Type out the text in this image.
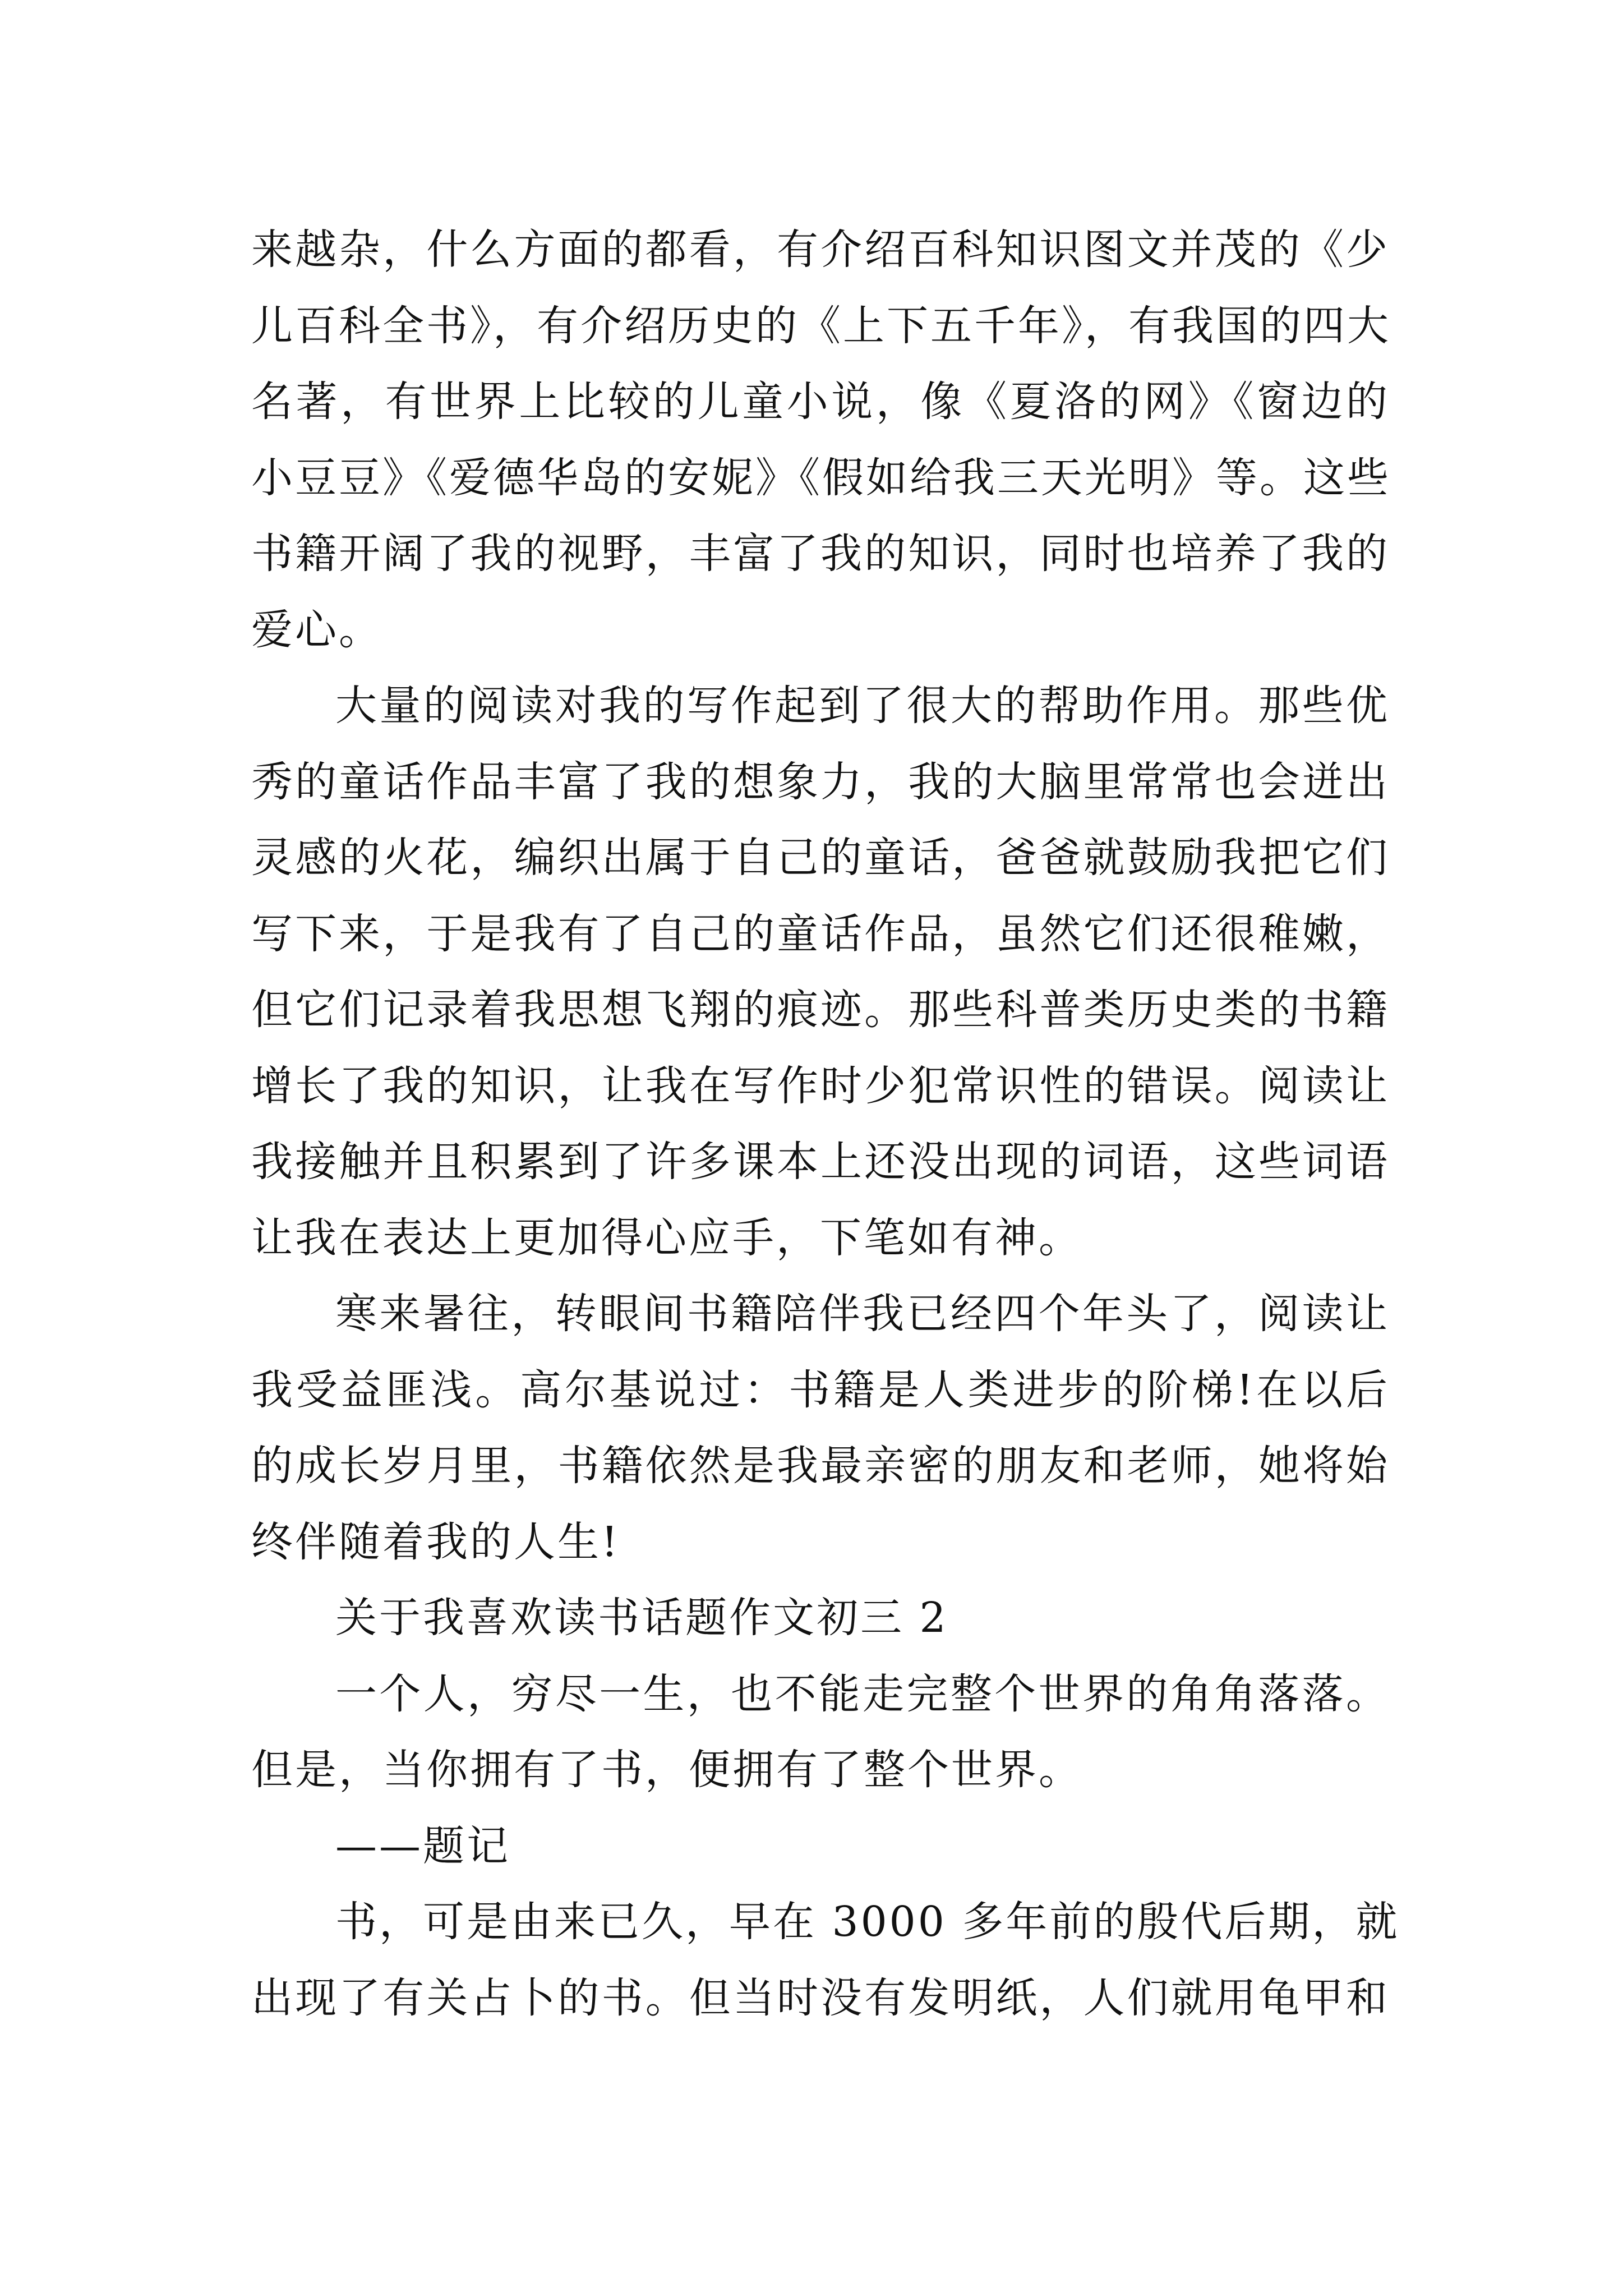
来越杂，什么方面的都看，有介绍百科知识图文并茂的《少

儿百科全书》，有介绍历史的《上下五千年》，有我国的四大

名著，有世界上比较的儿童小说，像《夏洛的网》《窗边的

小豆豆》《爱德华岛的安妮》《假如给我三天光明》等。这些

书籍开阔了我的视野，丰富了我的知识，同时也培养了我的

爱心。

大量的阅读对我的写作起到了很大的帮助作用。那些优

秀的童话作品丰富了我的想象力，我的大脑里常常也会迸出

灵感的火花，编织出属于自己的童话，爸爸就鼓励我把它们

写下来，于是我有了自己的童话作品，虽然它们还很稚嫩，

但它们记录着我思想飞翔的痕迹。那些科普类历史类的书籍

增长了我的知识，让我在写作时少犯常识性的错误。阅读让

我接触并且积累到了许多课本上还没出现的词语，这些词语

让我在表达上更加得心应手，下笔如有神。

寒来暑往，转眼间书籍陪伴我已经四个年头了，阅读让

我受益匪浅。高尔基说过：书籍是人类进步的阶梯!在以后

的成长岁月里，书籍依然是我最亲密的朋友和老师，她将始

终伴随着我的人生!

关于我喜欢读书话题作文初三 2

一个人，穷尽一生，也不能走完整个世界的角角落落。

但是，当你拥有了书，便拥有了整个世界。

——题记

书，可是由来已久，早在 3000 多年前的殷代后期，就

出现了有关占卜的书。但当时没有发明纸，人们就用龟甲和
